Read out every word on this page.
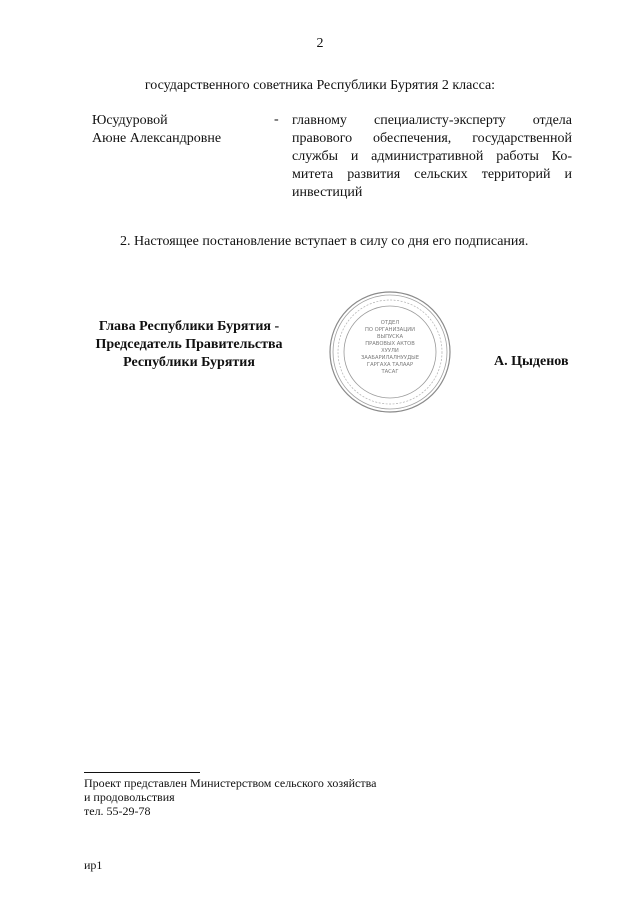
2
государственного советника Республики Бурятия 2 класса:
Юсудуровой
Аюне Александровне
- главному специалисту-эксперту отдела правового обеспечения, государственной службы и административной работы Ко- митета развития сельских территорий и инвестиций
2. Настоящее постановление вступает в силу со дня его подписания.
Глава Республики Бурятия -
Председатель Правительства
Республики Бурятия
ОТДЕЛ
ПО ОРГАНИЗАЦИИ
ВЫПУСКА
ПРАВОВЫХ АКТОВ
ХУУЛИ
ЗААБАРИЛАЛНУУДЫЕ
ГАРГАХА ТАЛААР
ТАСАГ
А. Цыденов
Проект представлен Министерством сельского хозяйства
и продовольствия
тел. 55-29-78
ир1
